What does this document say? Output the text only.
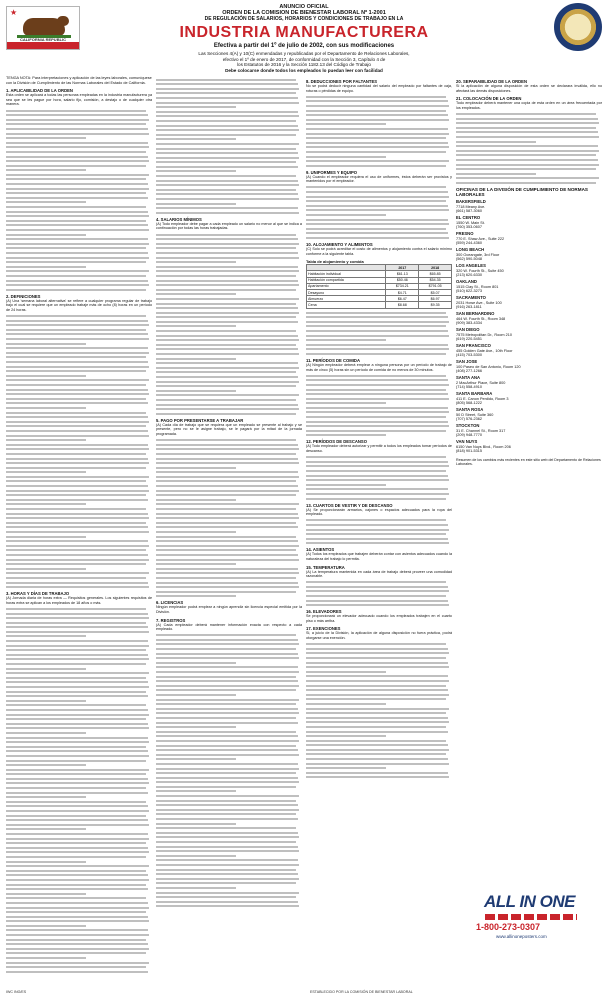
★
CALIFORNIA REPUBLIC
ANUNCIO OFICIAL
ORDEN DE LA COMISION DE BIENESTAR LABORAL Nº 1-2001
DE REGULACIÓN DE SALARIOS, HORARIOS Y CONDICIONES DE TRABAJO EN LA
INDUSTRIA MANUFACTURERA
Efectiva a partir del 1º de julio de 2002, con sus modificaciones
Las Secciones 4(A) y 10(C) enmendadas y republicadas por el Departamento de Relaciones Laborales,
efectivo el 1º de enero de 2017, de conformidad con la Sección 3, Capítulo 4 de
los Estatutos de 2016 y la Sección 1182.13 del Código de Trabajo
Debe colocarse donde todos los empleados lo puedan leer con facilidad
TENGA NOTA: Para interpretaciones y aplicación de las leyes laborales, comuníquese con la División de Cumplimiento de las Normas Laborales del Estado de California.
1. APLICABILIDAD DE LA ORDEN

Esta orden se aplicará a todas las personas empleadas en la industria manufacturera ya sea que se les pague por hora, salario fijo, comisión, a destajo o de cualquier otra manera.

2. DEFINICIONES

(A) Una 'semana laboral alternativa' se refiere a cualquier programa regular de trabajo bajo el cual se requiere que un empleado trabaje más de ocho (8) horas en un período de 24 horas.

3. HORAS Y DÍAS DE TRABAJO

(A) Jornada diaria de horas extra — Requisitos generales. Los siguientes requisitos de horas extra se aplican a los empleados de 18 años o más.

4. SALARIOS MÍNIMOS

(A) Todo empleador debe pagar a cada empleado un salario no menor al que se indica a continuación por todas las horas trabajadas.

5. PAGO POR PRESENTARSE A TRABAJAR

(A) Cada día de trabajo que se requiera que un empleado se presente al trabajo y se presente, pero no se le asigne trabajo, se le pagará por la mitad de la jornada programada.

6. LICENCIAS

Ningún empleador podrá emplear a ningún aprendiz sin licencia especial emitida por la División.

7. REGISTROS

(A) Cada empleador deberá mantener información exacta con respecto a cada empleado.

8. DEDUCCIONES POR FALTANTES

No se podrá deducir ninguna cantidad del salario del empleado por faltantes de caja, roturas o pérdidas de equipo.

9. UNIFORMES Y EQUIPO

(A) Cuando el empleador requiera el uso de uniformes, éstos deberán ser provistos y mantenidos por el empleador.

10. ALOJAMIENTO Y ALIMENTOS

(C) Solo se podrá acreditar el costo de alimentos y alojamiento contra el salario mínimo conforme a la siguiente tabla.

Tabla de alojamiento y comida
	2017	2018
Habitación individual	$61.13	$65.85
Habitación compartida	$50.46	$54.35
Apartamento	$734.21	$791.05
Desayuno	$4.71	$5.07
Almuerzo	$6.47	$6.97
Cena	$8.68	$9.35
11. PERÍODOS DE COMIDA

(A) Ningún empleador deberá emplear a ninguna persona por un período de trabajo de más de cinco (5) horas sin un período de comida de no menos de 30 minutos.

12. PERÍODOS DE DESCANSO

(A) Todo empleador deberá autorizar y permitir a todos los empleados tomar períodos de descanso.

13. CUARTOS DE VESTIR Y DE DESCANSO

(A) Se proporcionarán armarios, cajones o espacios adecuados para la ropa del empleado.

14. ASIENTOS

(A) Todos los empleados que trabajen deberán contar con asientos adecuados cuando la naturaleza del trabajo lo permita.

15. TEMPERATURA

(A) La temperatura mantenida en cada área de trabajo deberá proveer una comodidad razonable.

16. ELEVADORES

Se proporcionará un elevador adecuado cuando los empleados trabajen en el cuarto piso o más arriba.

17. EXENCIONES

Si, a juicio de la División, la aplicación de alguna disposición no fuera práctica, podrá otorgarse una exención.

20. SEPARABILIDAD DE LA ORDEN

Si la aplicación de alguna disposición de esta orden se declarara inválida, ello no afectará las demás disposiciones.

21. COLOCACIÓN DE LA ORDEN

Todo empleador deberá mantener una copia de esta orden en un área frecuentada por los empleados.

OFICINAS DE LA DIVISIÓN DE CUMPLIMIENTO DE NORMAS LABORALES
BAKERSFIELD
7718 Meany Ave.
(661) 587-3060
EL CENTRO
1550 W. Main St.
(760) 353-0607
FRESNO
770 E. Shaw Ave., Suite 222
(559) 244-4360
LONG BEACH
300 Oceangate, 3rd Floor
(562) 590-5048
LOS ANGELES
320 W. Fourth St., Suite 450
(213) 620-6330
OAKLAND
1515 Clay St., Room 801
(510) 622-3273
SACRAMENTO
2031 Howe Ave., Suite 100
(916) 263-1811
SAN BERNARDINO
464 W. Fourth St., Room 348
(909) 383-4334
SAN DIEGO
7575 Metropolitan Dr., Room 210
(619) 220-5451
SAN FRANCISCO
455 Golden Gate Ave., 10th Floor
(415) 703-5300
SAN JOSE
100 Paseo de San Antonio, Room 120
(408) 277-1266
SANTA ANA
2 MacArthur Place, Suite 800
(714) 558-4910
SANTA BARBARA
411 E. Canon Perdido, Room 3
(805) 568-1222
SANTA ROSA
50 D Street, Suite 360
(707) 576-2362
STOCKTON
31 E. Channel St., Room 317
(209) 948-7770
VAN NUYS
6150 Van Nuys Blvd., Room 206
(818) 901-5315
Resumen de los cambios más recientes en este sitio web del Departamento de Relaciones Laborales.
ALL IN ONE
1-800-273-0307
www.allinoneposters.com
IWC ING/ES	ESTABLECIDO POR LA COMISIÓN DE BIENESTAR LABORAL
